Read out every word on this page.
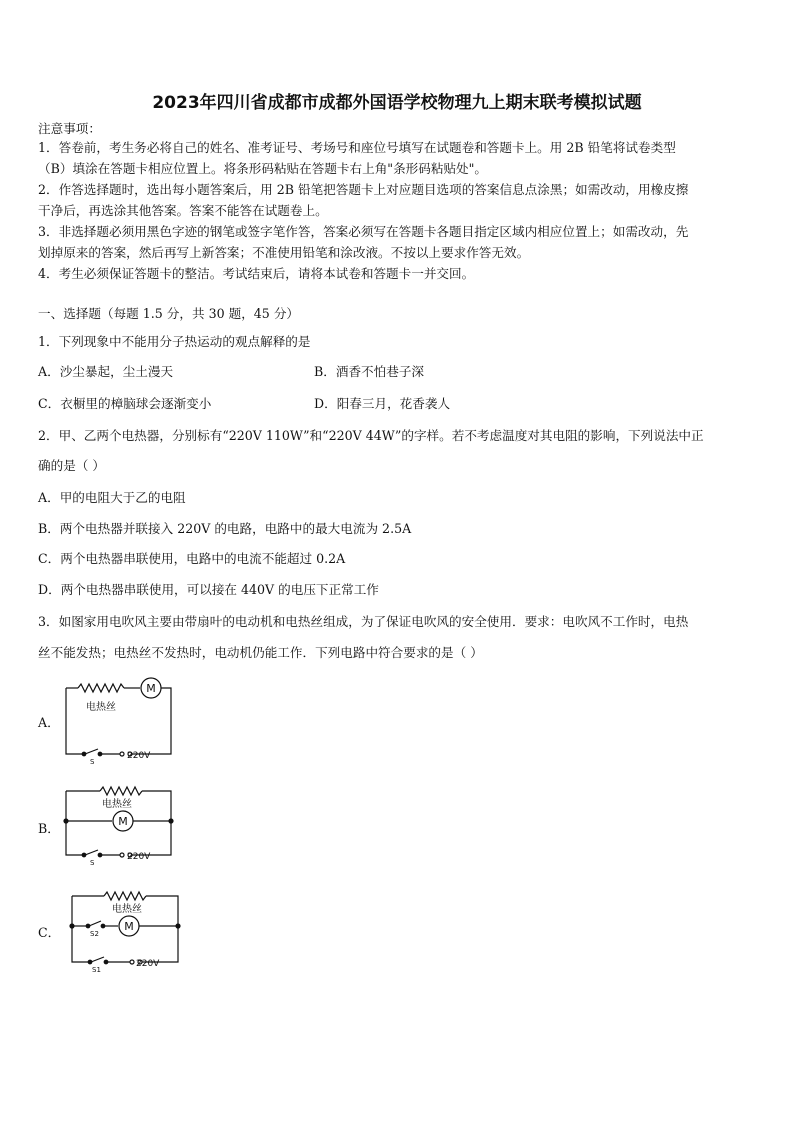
2023年四川省成都市成都外国语学校物理九上期末联考模拟试题
注意事项：
1．答卷前，考生务必将自己的姓名、准考证号、考场号和座位号填写在试题卷和答题卡上。用 2B 铅笔将试卷类型
（B）填涂在答题卡相应位置上。将条形码粘贴在答题卡右上角"条形码粘贴处"。
2．作答选择题时，选出每小题答案后，用 2B 铅笔把答题卡上对应题目选项的答案信息点涂黑；如需改动，用橡皮擦
干净后，再选涂其他答案。答案不能答在试题卷上。
3．非选择题必须用黑色字迹的钢笔或签字笔作答，答案必须写在答题卡各题目指定区域内相应位置上；如需改动，先
划掉原来的答案，然后再写上新答案；不准使用铅笔和涂改液。不按以上要求作答无效。
4．考生必须保证答题卡的整洁。考试结束后，请将本试卷和答题卡一并交回。
一、选择题（每题 1.5 分，共 30 题，45 分）
1．下列现象中不能用分子热运动的观点解释的是
A．沙尘暴起，尘土漫天	B．酒香不怕巷子深
C．衣橱里的樟脑球会逐渐变小	D．阳春三月，花香袭人
2．甲、乙两个电热器，分别标有“220V 110W”和“220V 44W”的字样。若不考虑温度对其电阻的影响，下列说法中正
确的是（ ）
A．甲的电阻大于乙的电阻
B．两个电热器并联接入 220V 的电路，电路中的最大电流为 2.5A
C．两个电热器串联使用，电路中的电流不能超过 0.2A
D．两个电热器串联使用，可以接在 440V 的电压下正常工作
3．如图家用电吹风主要由带扇叶的电动机和电热丝组成，为了保证电吹风的安全使用．要求：电吹风不工作时，电热
丝不能发热；电热丝不发热时，电动机仍能工作．下列电路中符合要求的是（ ）
A．
M
电热丝
S
220V
B．
电热丝
M
S
220V
C．
电热丝
M
S2
S1
220V
